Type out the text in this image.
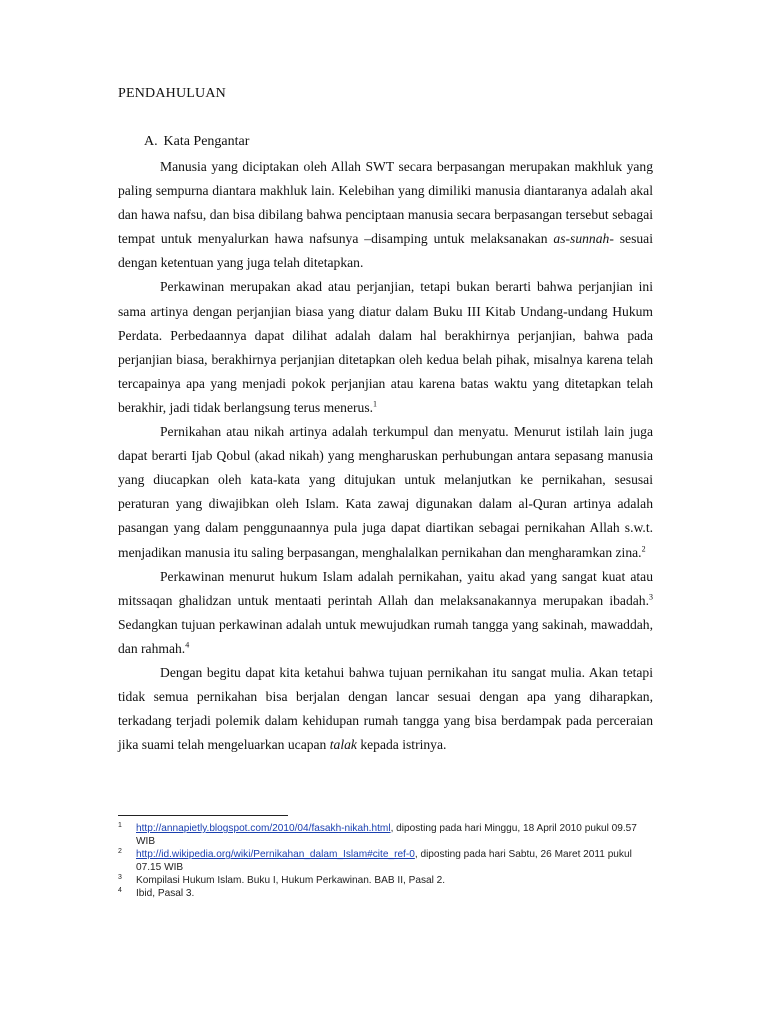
PENDAHULUAN
A. Kata Pengantar

Manusia yang diciptakan oleh Allah SWT secara berpasangan merupakan makhluk yang paling sempurna diantara makhluk lain. Kelebihan yang dimiliki manusia diantaranya adalah akal dan hawa nafsu, dan bisa dibilang bahwa penciptaan manusia secara berpasangan tersebut sebagai tempat untuk menyalurkan hawa nafsunya –disamping untuk melaksanakan as-sunnah- sesuai dengan ketentuan yang juga telah ditetapkan.

Perkawinan merupakan akad atau perjanjian, tetapi bukan berarti bahwa perjanjian ini sama artinya dengan perjanjian biasa yang diatur dalam Buku III Kitab Undang-undang Hukum Perdata. Perbedaannya dapat dilihat adalah dalam hal berakhirnya perjanjian, bahwa pada perjanjian biasa, berakhirnya perjanjian ditetapkan oleh kedua belah pihak, misalnya karena telah tercapainya apa yang menjadi pokok perjanjian atau karena batas waktu yang ditetapkan telah berakhir, jadi tidak berlangsung terus menerus.$^1$

Pernikahan atau nikah artinya adalah terkumpul dan menyatu. Menurut istilah lain juga dapat berarti Ijab Qobul (akad nikah) yang mengharuskan perhubungan antara sepasang manusia yang diucapkan oleh kata-kata yang ditujukan untuk melanjutkan ke pernikahan, sesusai peraturan yang diwajibkan oleh Islam. Kata zawaj digunakan dalam al-Quran artinya adalah pasangan yang dalam penggunaannya pula juga dapat diartikan sebagai pernikahan Allah s.w.t. menjadikan manusia itu saling berpasangan, menghalalkan pernikahan dan mengharamkan zina.$^2$

Perkawinan menurut hukum Islam adalah pernikahan, yaitu akad yang sangat kuat atau mitssaqan ghalidzan untuk mentaati perintah Allah dan melaksanakannya merupakan ibadah.$^3$ Sedangkan tujuan perkawinan adalah untuk mewujudkan rumah tangga yang sakinah, mawaddah, dan rahmah.$^4$

Dengan begitu dapat kita ketahui bahwa tujuan pernikahan itu sangat mulia. Akan tetapi tidak semua pernikahan bisa berjalan dengan lancar sesuai dengan apa yang diharapkan, terkadang terjadi polemik dalam kehidupan rumah tangga yang bisa berdampak pada perceraian jika suami telah mengeluarkan ucapan talak kepada istrinya.

1 http://annapietly.blogspot.com/2010/04/fasakh-nikah.html, diposting pada hari Minggu, 18 April 2010 pukul 09.57 WIB
2 http://id.wikipedia.org/wiki/Pernikahan_dalam_Islam#cite_ref-0, diposting pada hari Sabtu, 26 Maret 2011 pukul 07.15 WIB
3 Kompilasi Hukum Islam. Buku I, Hukum Perkawinan. BAB II, Pasal 2.
4 Ibid, Pasal 3.
